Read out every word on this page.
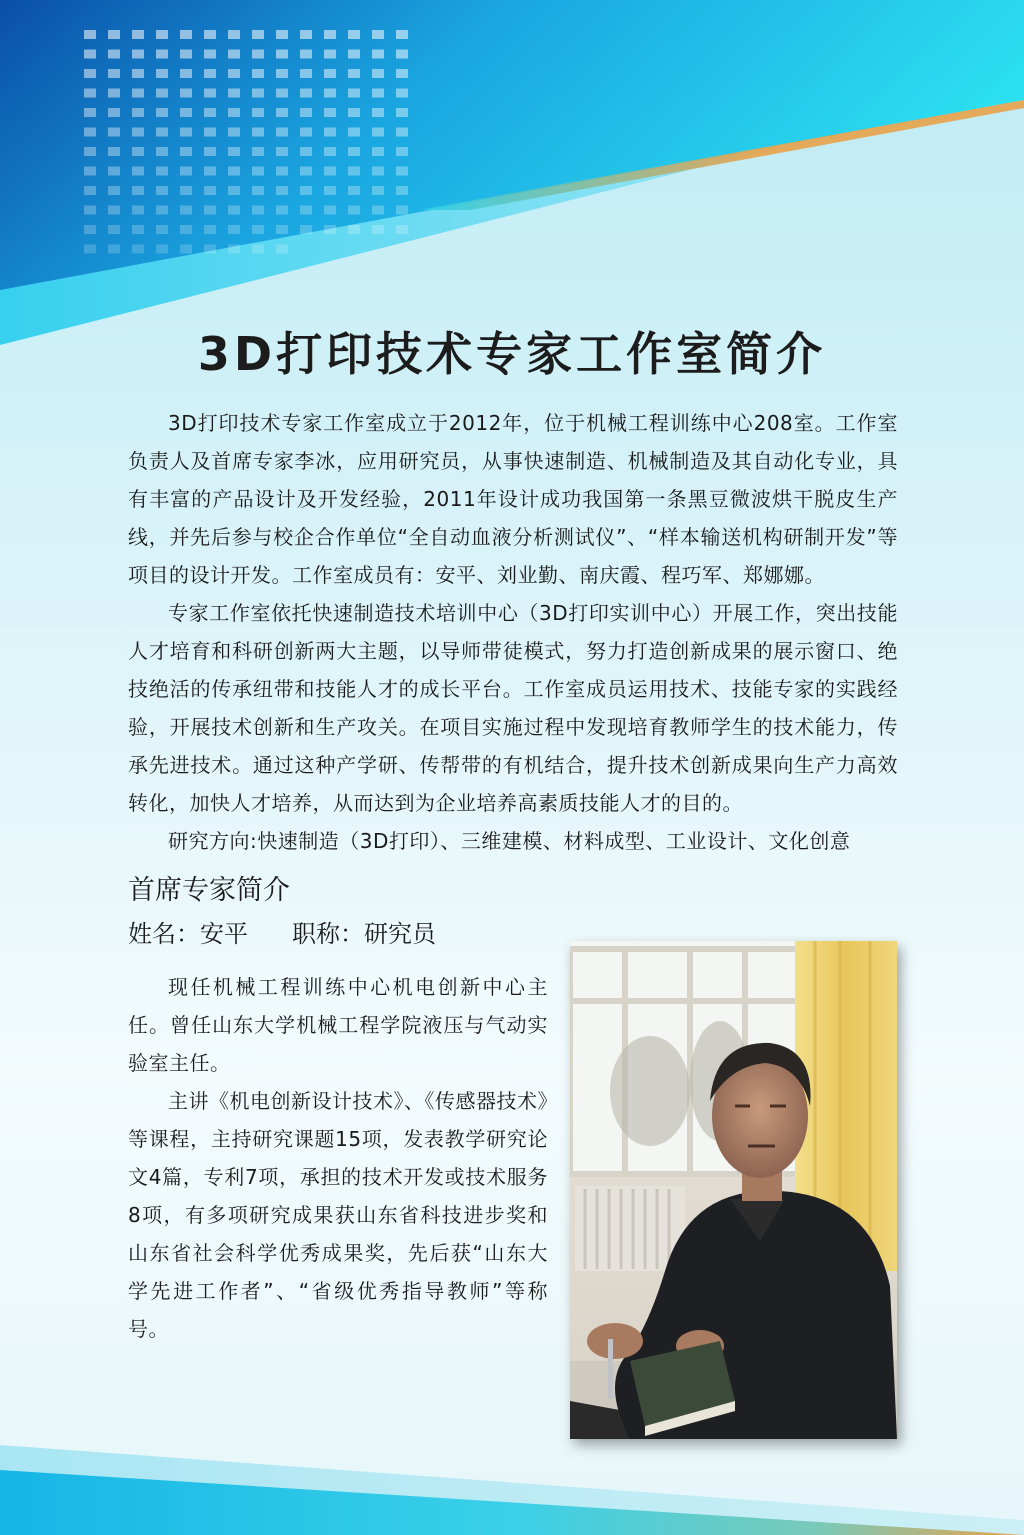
3D打印技术专家工作室简介

3D打印技术专家工作室成立于2012年，位于机械工程训练中心208室。工作室负责人及首席专家李冰，应用研究员，从事快速制造、机械制造及其自动化专业，具有丰富的产品设计及开发经验，2011年设计成功我国第一条黑豆微波烘干脱皮生产线，并先后参与校企合作单位“全自动血液分析测试仪”、“样本输送机构研制开发”等项目的设计开发。工作室成员有：安平、刘业勤、南庆霞、程巧军、郑娜娜。

专家工作室依托快速制造技术培训中心（3D打印实训中心）开展工作，突出技能人才培育和科研创新两大主题，以导师带徒模式，努力打造创新成果的展示窗口、绝技绝活的传承纽带和技能人才的成长平台。工作室成员运用技术、技能专家的实践经验，开展技术创新和生产攻关。在项目实施过程中发现培育教师学生的技术能力，传承先进技术。通过这种产学研、传帮带的有机结合，提升技术创新成果向生产力高效转化，加快人才培养，从而达到为企业培养高素质技能人才的目的。

研究方向:快速制造（3D打印）、三维建模、材料成型、工业设计、文化创意

首席专家简介
姓名：安平 职称：研究员

现任机械工程训练中心机电创新中心主任。曾任山东大学机械工程学院液压与气动实验室主任。

主讲《机电创新设计技术》、《传感器技术》等课程，主持研究课题15项，发表教学研究论文4篇，专利7项，承担的技术开发或技术服务8项，有多项研究成果获山东省科技进步奖和山东省社会科学优秀成果奖，先后获“山东大学先进工作者”、“省级优秀指导教师”等称号。
